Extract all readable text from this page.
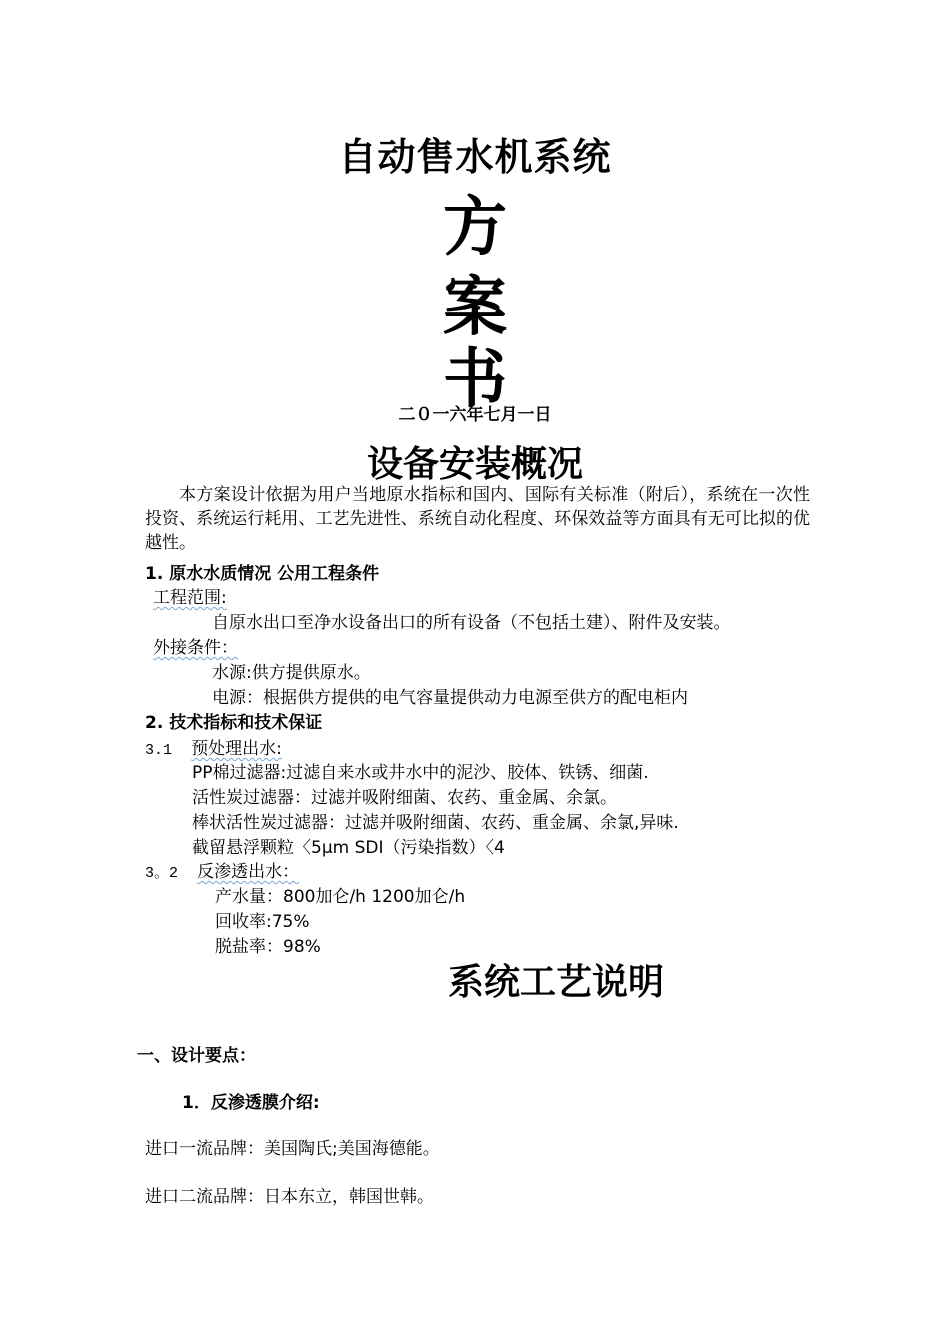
自动售水机系统
方
案
书
二０一六年七月一日
设备安装概况
本方案设计依据为用户当地原水指标和国内、国际有关标准（附后），系统在一次性投资、系统运行耗用、工艺先进性、系统自动化程度、环保效益等方面具有无可比拟的优越性。
1. 原水水质情况 公用工程条件
工程范围:
自原水出口至净水设备出口的所有设备（不包括土建）、附件及安装。
外接条件：
水源:供方提供原水。
电源：根据供方提供的电气容量提供动力电源至供方的配电柜内
2. 技术指标和技术保证
3.1 预处理出水:
PP棉过滤器:过滤自来水或井水中的泥沙、胶体、铁锈、细菌.
活性炭过滤器：过滤并吸附细菌、农药、重金属、余氯。
棒状活性炭过滤器：过滤并吸附细菌、农药、重金属、余氯,异味.
截留悬浮颗粒〈5μm SDI（污染指数）〈4
3。2 反渗透出水：
产水量：800加仑/h 1200加仑/h
回收率:75%
脱盐率：98%
系统工艺说明
一、设计要点：
1．反渗透膜介绍:
进口一流品牌：美国陶氏;美国海德能。
进口二流品牌：日本东立，韩国世韩。
